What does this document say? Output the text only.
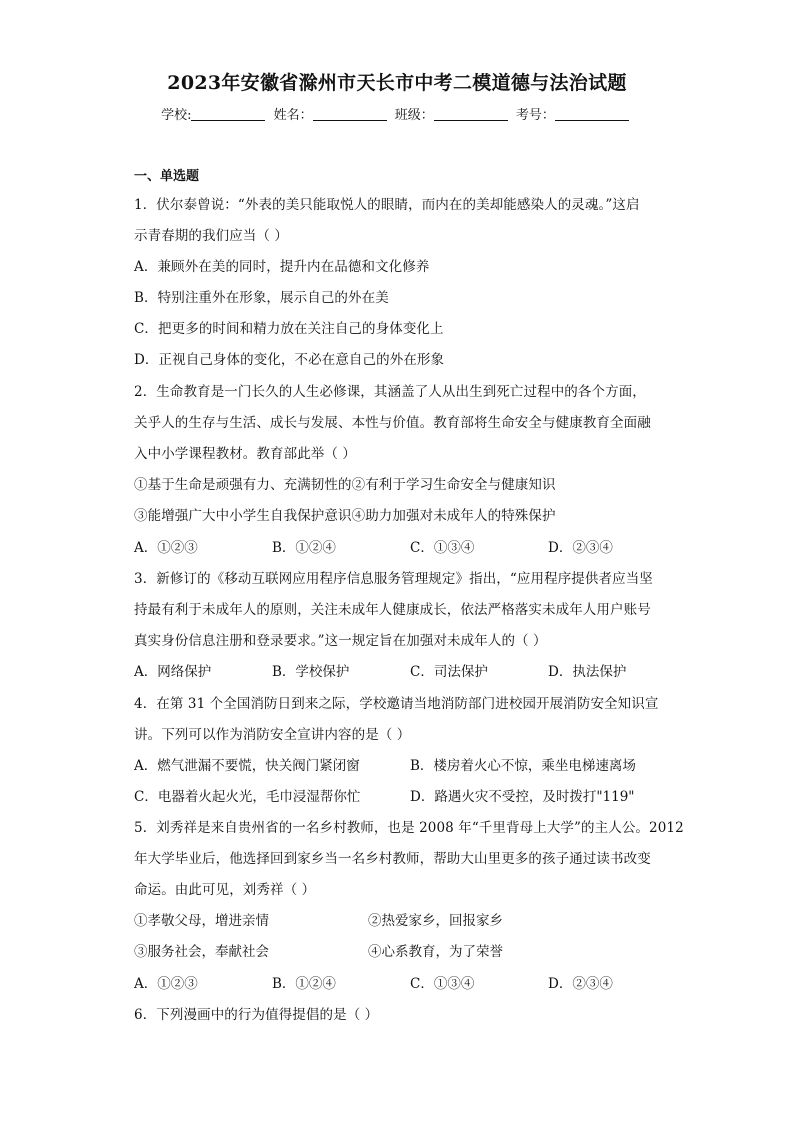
2023年安徽省滁州市天长市中考二模道德与法治试题
学校:	姓名：	班级：	考号：
一、单选题
1．伏尔泰曾说：“外表的美只能取悦人的眼睛，而内在的美却能感染人的灵魂。”这启
示青春期的我们应当（ ）
A．兼顾外在美的同时，提升内在品德和文化修养
B．特别注重外在形象，展示自己的外在美
C．把更多的时间和精力放在关注自己的身体变化上
D．正视自己身体的变化，不必在意自己的外在形象
2．生命教育是一门长久的人生必修课，其涵盖了人从出生到死亡过程中的各个方面，
关乎人的生存与生活、成长与发展、本性与价值。教育部将生命安全与健康教育全面融
入中小学课程教材。教育部此举（ ）
①基于生命是顽强有力、充满韧性的②有利于学习生命安全与健康知识
③能增强广大中小学生自我保护意识④助力加强对未成年人的特殊保护
A．①②③	B．①②④	C．①③④	D．②③④
3．新修订的《移动互联网应用程序信息服务管理规定》指出，“应用程序提供者应当坚
持最有利于未成年人的原则，关注未成年人健康成长，依法严格落实未成年人用户账号
真实身份信息注册和登录要求。”这一规定旨在加强对未成年人的（ ）
A．网络保护	B．学校保护	C．司法保护	D．执法保护
4．在第 31 个全国消防日到来之际，学校邀请当地消防部门进校园开展消防安全知识宣
讲。下列可以作为消防安全宣讲内容的是（ ）
A．燃气泄漏不要慌，快关阀门紧闭窗	B．楼房着火心不惊，乘坐电梯速离场
C．电器着火起火光，毛巾浸湿帮你忙	D．路遇火灾不受控，及时拨打"119"
5．刘秀祥是来自贵州省的一名乡村教师，也是 2008 年“千里背母上大学”的主人公。2012
年大学毕业后，他选择回到家乡当一名乡村教师，帮助大山里更多的孩子通过读书改变
命运。由此可见，刘秀祥（ ）
①孝敬父母，增进亲情	②热爱家乡，回报家乡
③服务社会，奉献社会	④心系教育，为了荣誉
A．①②③	B．①②④	C．①③④	D．②③④
6．下列漫画中的行为值得提倡的是（ ）
